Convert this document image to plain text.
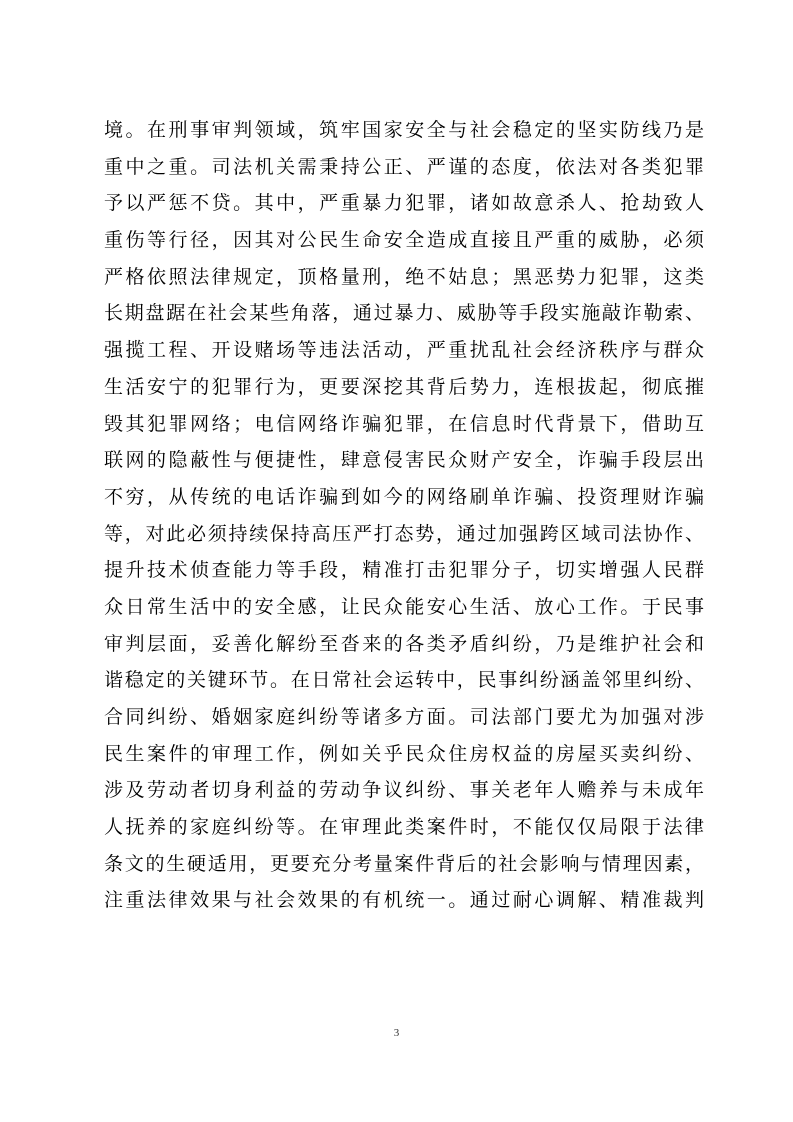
境。在刑事审判领域，筑牢国家安全与社会稳定的坚实防线乃是
重中之重。司法机关需秉持公正、严谨的态度，依法对各类犯罪
予以严惩不贷。其中，严重暴力犯罪，诸如故意杀人、抢劫致人
重伤等行径，因其对公民生命安全造成直接且严重的威胁，必须
严格依照法律规定，顶格量刑，绝不姑息；黑恶势力犯罪，这类
长期盘踞在社会某些角落，通过暴力、威胁等手段实施敲诈勒索、
强揽工程、开设赌场等违法活动，严重扰乱社会经济秩序与群众
生活安宁的犯罪行为，更要深挖其背后势力，连根拔起，彻底摧
毁其犯罪网络；电信网络诈骗犯罪，在信息时代背景下，借助互
联网的隐蔽性与便捷性，肆意侵害民众财产安全，诈骗手段层出
不穷，从传统的电话诈骗到如今的网络刷单诈骗、投资理财诈骗
等，对此必须持续保持高压严打态势，通过加强跨区域司法协作、
提升技术侦查能力等手段，精准打击犯罪分子，切实增强人民群
众日常生活中的安全感，让民众能安心生活、放心工作。于民事
审判层面，妥善化解纷至沓来的各类矛盾纠纷，乃是维护社会和
谐稳定的关键环节。在日常社会运转中，民事纠纷涵盖邻里纠纷、
合同纠纷、婚姻家庭纠纷等诸多方面。司法部门要尤为加强对涉
民生案件的审理工作，例如关乎民众住房权益的房屋买卖纠纷、
涉及劳动者切身利益的劳动争议纠纷、事关老年人赡养与未成年
人抚养的家庭纠纷等。在审理此类案件时，不能仅仅局限于法律
条文的生硬适用，更要充分考量案件背后的社会影响与情理因素，
注重法律效果与社会效果的有机统一。通过耐心调解、精准裁判
3
